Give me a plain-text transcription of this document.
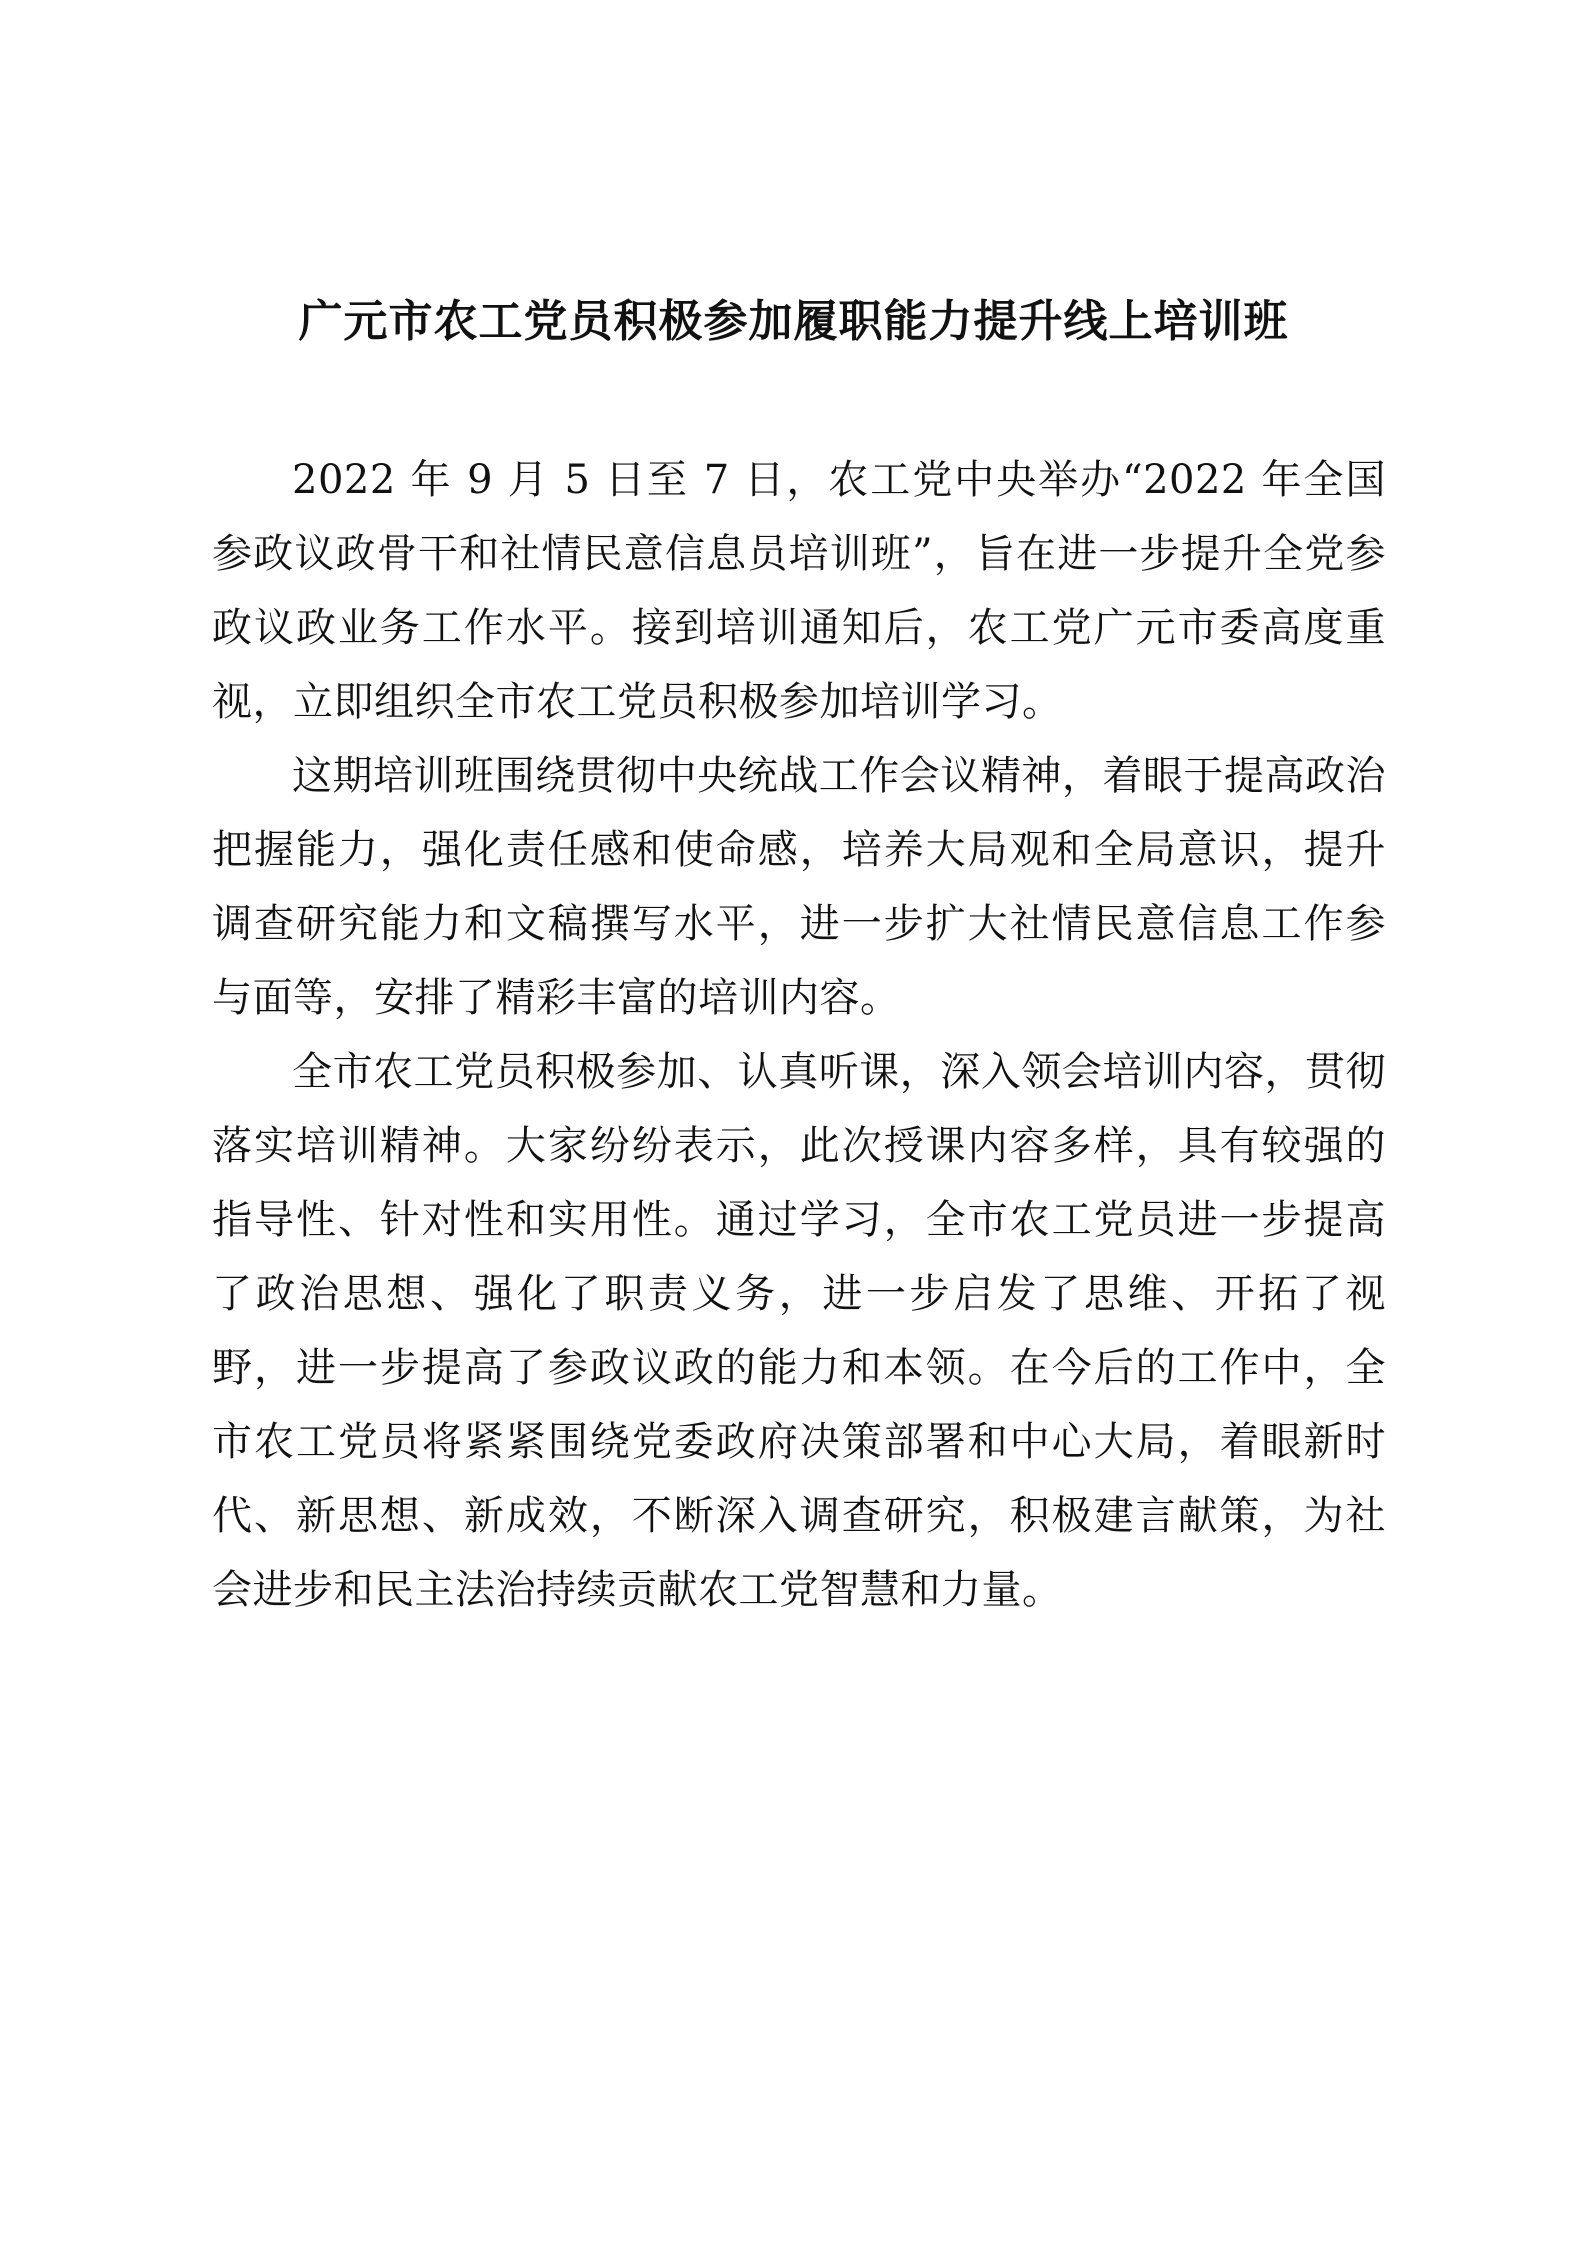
广元市农工党员积极参加履职能力提升线上培训班

2022 年 9 月 5 日至 7 日，农工党中央举办“2022 年全国参政议政骨干和社情民意信息员培训班”，旨在进一步提升全党参政议政业务工作水平。接到培训通知后，农工党广元市委高度重视，立即组织全市农工党员积极参加培训学习。

这期培训班围绕贯彻中央统战工作会议精神，着眼于提高政治把握能力，强化责任感和使命感，培养大局观和全局意识，提升调查研究能力和文稿撰写水平，进一步扩大社情民意信息工作参与面等，安排了精彩丰富的培训内容。

全市农工党员积极参加、认真听课，深入领会培训内容，贯彻落实培训精神。大家纷纷表示，此次授课内容多样，具有较强的指导性、针对性和实用性。通过学习，全市农工党员进一步提高了政治思想、强化了职责义务，进一步启发了思维、开拓了视野，进一步提高了参政议政的能力和本领。在今后的工作中，全市农工党员将紧紧围绕党委政府决策部署和中心大局，着眼新时代、新思想、新成效，不断深入调查研究，积极建言献策，为社会进步和民主法治持续贡献农工党智慧和力量。
